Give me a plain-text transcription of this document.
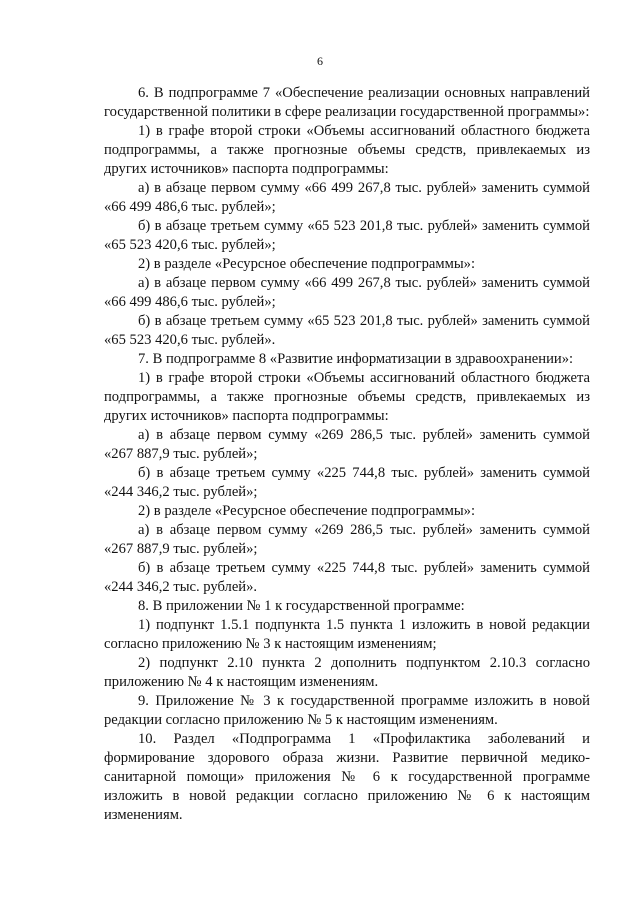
6

6. В подпрограмме 7 «Обеспечение реализации основных направлений государственной политики в сфере реализации государственной программы»:

1) в графе второй строки «Объемы ассигнований областного бюджета подпрограммы, а также прогнозные объемы средств, привлекаемых из других источников» паспорта подпрограммы:

а) в абзаце первом сумму «66 499 267,8 тыс. рублей» заменить суммой «66 499 486,6 тыс. рублей»;

б) в абзаце третьем сумму «65 523 201,8 тыс. рублей» заменить суммой «65 523 420,6 тыс. рублей»;

2) в разделе «Ресурсное обеспечение подпрограммы»:

а) в абзаце первом сумму «66 499 267,8 тыс. рублей» заменить суммой «66 499 486,6 тыс. рублей»;

б) в абзаце третьем сумму «65 523 201,8 тыс. рублей» заменить суммой «65 523 420,6 тыс. рублей».

7. В подпрограмме 8 «Развитие информатизации в здравоохранении»:

1) в графе второй строки «Объемы ассигнований областного бюджета подпрограммы, а также прогнозные объемы средств, привлекаемых из других источников» паспорта подпрограммы:

а) в абзаце первом сумму «269 286,5 тыс. рублей» заменить суммой «267 887,9 тыс. рублей»;

б) в абзаце третьем сумму «225 744,8 тыс. рублей» заменить суммой «244 346,2 тыс. рублей»;

2) в разделе «Ресурсное обеспечение подпрограммы»:

а) в абзаце первом сумму «269 286,5 тыс. рублей» заменить суммой «267 887,9 тыс. рублей»;

б) в абзаце третьем сумму «225 744,8 тыс. рублей» заменить суммой «244 346,2 тыс. рублей».

8. В приложении № 1 к государственной программе:

1) подпункт 1.5.1 подпункта 1.5 пункта 1 изложить в новой редакции согласно приложению № 3 к настоящим изменениям;

2) подпункт 2.10 пункта 2 дополнить подпунктом 2.10.3 согласно приложению № 4 к настоящим изменениям.

9. Приложение № 3 к государственной программе изложить в новой редакции согласно приложению № 5 к настоящим изменениям.

10. Раздел «Подпрограмма 1 «Профилактика заболеваний и формирование здорового образа жизни. Развитие первичной медико-санитарной помощи» приложения № 6 к государственной программе изложить в новой редакции согласно приложению № 6 к настоящим изменениям.
